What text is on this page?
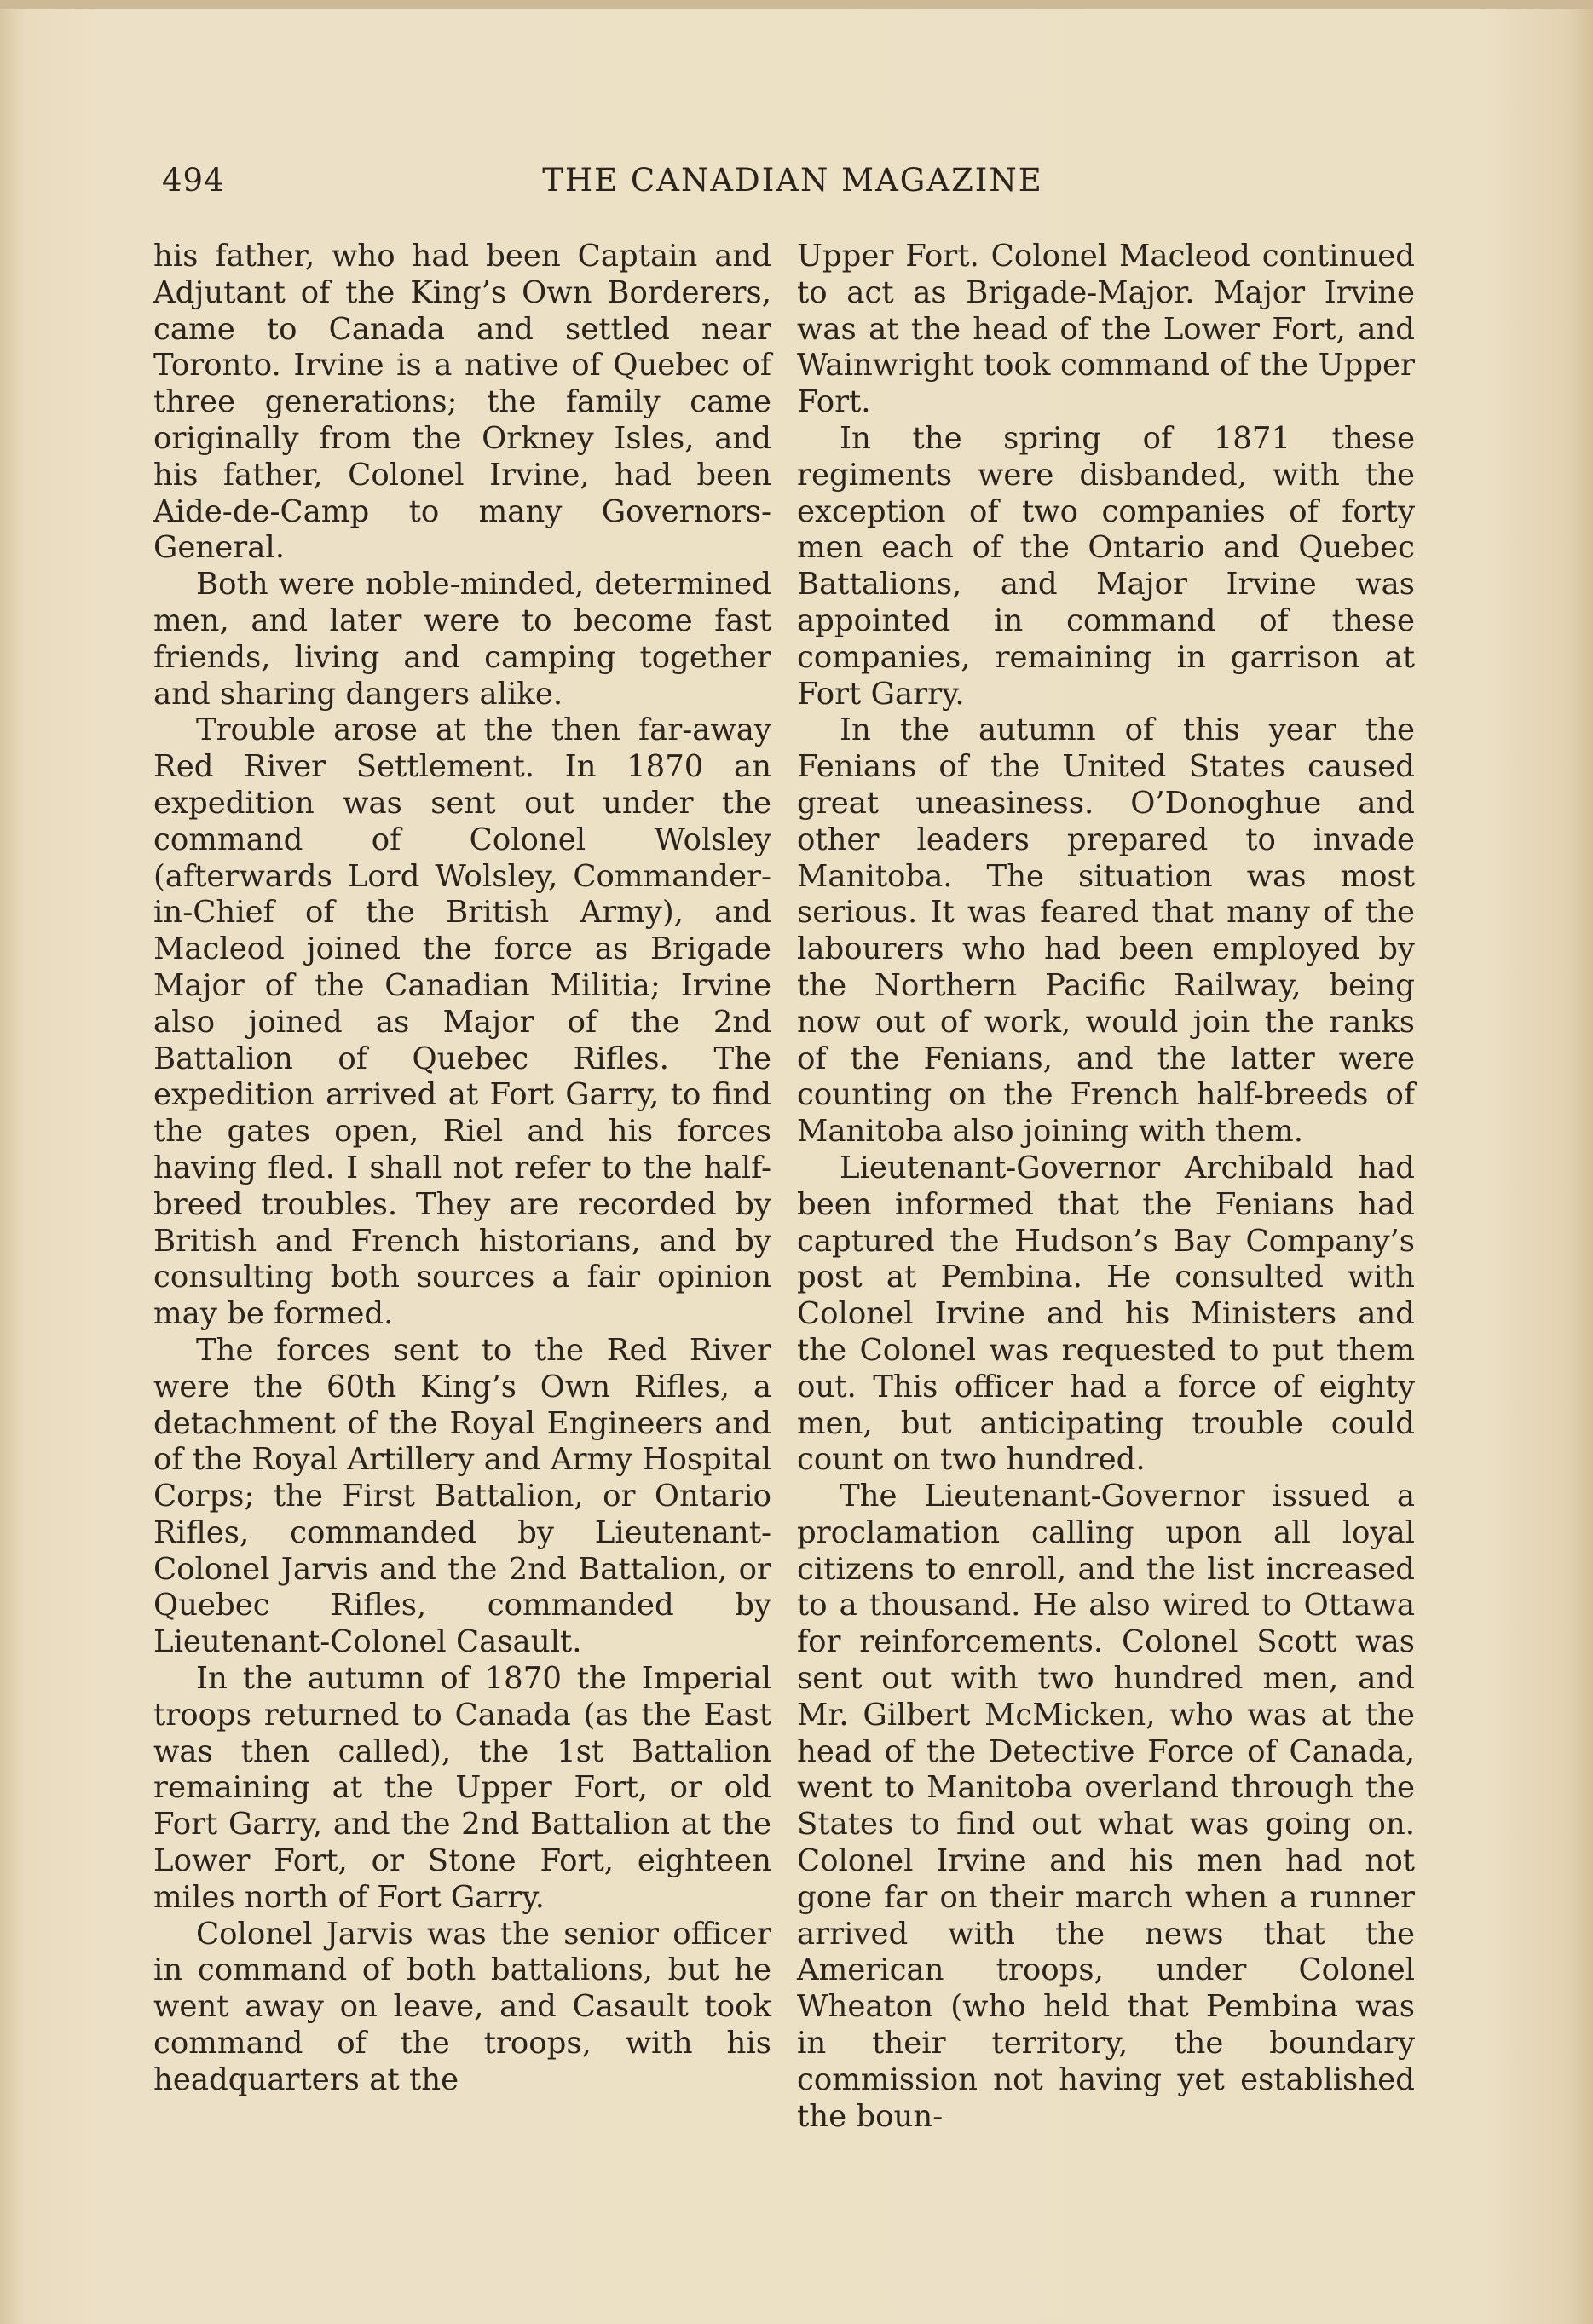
494	THE CANADIAN MAGAZINE

his father, who had been Captain and Adjutant of the King’s Own Borderers, came to Canada and settled near Toronto. Irvine is a native of Quebec of three generations; the family came originally from the Orkney Isles, and his father, Colonel Irvine, had been Aide-de-Camp to many Governors-General.

Both were noble-minded, determined men, and later were to become fast friends, living and camping together and sharing dangers alike.

Trouble arose at the then far-away Red River Settlement. In 1870 an expedition was sent out under the command of Colonel Wolsley (afterwards Lord Wolsley, Commander-in-Chief of the British Army), and Macleod joined the force as Brigade Major of the Canadian Militia; Irvine also joined as Major of the 2nd Battalion of Quebec Rifles. The expedition arrived at Fort Garry, to find the gates open, Riel and his forces having fled. I shall not refer to the half-breed troubles. They are recorded by British and French historians, and by consulting both sources a fair opinion may be formed.

The forces sent to the Red River were the 60th King’s Own Rifles, a detachment of the Royal Engineers and of the Royal Artillery and Army Hospital Corps; the First Battalion, or Ontario Rifles, commanded by Lieutenant-Colonel Jarvis and the 2nd Battalion, or Quebec Rifles, commanded by Lieutenant-Colonel Casault.

In the autumn of 1870 the Imperial troops returned to Canada (as the East was then called), the 1st Battalion remaining at the Upper Fort, or old Fort Garry, and the 2nd Battalion at the Lower Fort, or Stone Fort, eighteen miles north of Fort Garry.

Colonel Jarvis was the senior officer in command of both battalions, but he went away on leave, and Casault took command of the troops, with his headquarters at the

Upper Fort. Colonel Macleod continued to act as Brigade-Major. Major Irvine was at the head of the Lower Fort, and Wainwright took command of the Upper Fort.

In the spring of 1871 these regiments were disbanded, with the exception of two companies of forty men each of the Ontario and Quebec Battalions, and Major Irvine was appointed in command of these companies, remaining in garrison at Fort Garry.

In the autumn of this year the Fenians of the United States caused great uneasiness. O’Donoghue and other leaders prepared to invade Manitoba. The situation was most serious. It was feared that many of the labourers who had been employed by the Northern Pacific Railway, being now out of work, would join the ranks of the Fenians, and the latter were counting on the French half-breeds of Manitoba also joining with them.

Lieutenant-Governor Archibald had been informed that the Fenians had captured the Hudson’s Bay Company’s post at Pembina. He consulted with Colonel Irvine and his Ministers and the Colonel was requested to put them out. This officer had a force of eighty men, but anticipating trouble could count on two hundred.

The Lieutenant-Governor issued a proclamation calling upon all loyal citizens to enroll, and the list increased to a thousand. He also wired to Ottawa for reinforcements. Colonel Scott was sent out with two hundred men, and Mr. Gilbert McMicken, who was at the head of the Detective Force of Canada, went to Manitoba overland through the States to find out what was going on. Colonel Irvine and his men had not gone far on their march when a runner arrived with the news that the American troops, under Colonel Wheaton (who held that Pembina was in their territory, the boundary commission not having yet established the boun-
